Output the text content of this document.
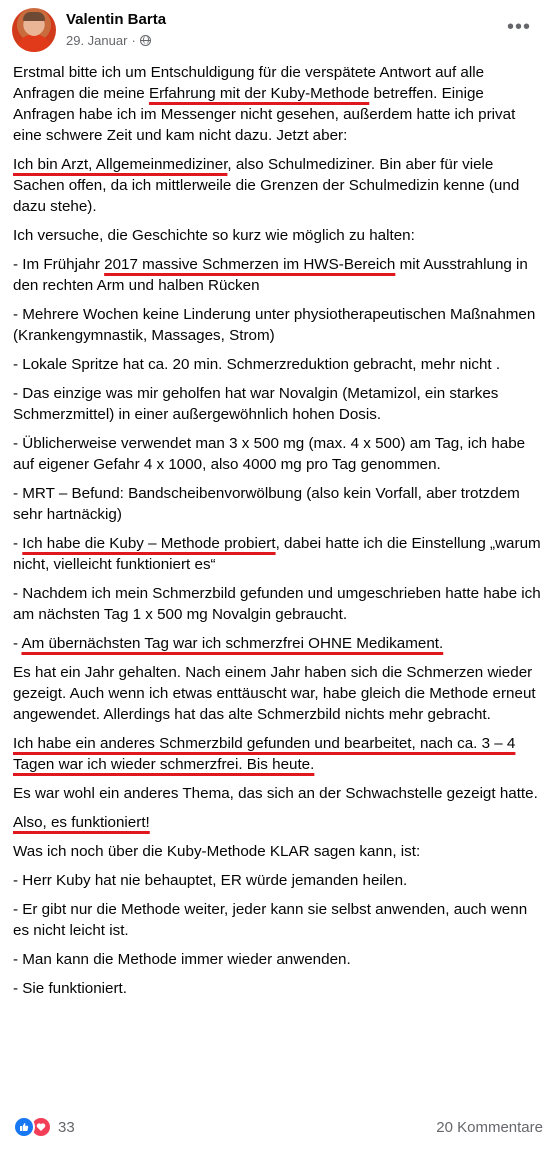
Valentin Barta
29. Januar ·
•••

Erstmal bitte ich um Entschuldigung für die verspätete Antwort auf alle Anfragen die meine Erfahrung mit der Kuby-Methode betreffen. Einige Anfragen habe ich im Messenger nicht gesehen, außerdem hatte ich privat eine schwere Zeit und kam nicht dazu. Jetzt aber:

Ich bin Arzt, Allgemeinmediziner, also Schulmediziner. Bin aber für viele Sachen offen, da ich mittlerweile die Grenzen der Schulmedizin kenne (und dazu stehe).

Ich versuche, die Geschichte so kurz wie möglich zu halten:

- Im Frühjahr 2017 massive Schmerzen im HWS-Bereich mit Ausstrahlung in den rechten Arm und halben Rücken

- Mehrere Wochen keine Linderung unter physiotherapeutischen Maßnahmen (Krankengymnastik, Massages, Strom)

- Lokale Spritze hat ca. 20 min. Schmerzreduktion gebracht, mehr nicht .

- Das einzige was mir geholfen hat war Novalgin (Metamizol, ein starkes Schmerzmittel) in einer außergewöhnlich hohen Dosis.

- Üblicherweise verwendet man 3 x 500 mg (max. 4 x 500) am Tag, ich habe auf eigener Gefahr 4 x 1000, also 4000 mg pro Tag genommen.

- MRT – Befund: Bandscheibenvorwölbung (also kein Vorfall, aber trotzdem sehr hartnäckig)

- Ich habe die Kuby – Methode probiert, dabei hatte ich die Einstellung „warum nicht, vielleicht funktioniert es“

- Nachdem ich mein Schmerzbild gefunden und umgeschrieben hatte habe ich am nächsten Tag 1 x 500 mg Novalgin gebraucht.

- Am übernächsten Tag war ich schmerzfrei OHNE Medikament.

Es hat ein Jahr gehalten. Nach einem Jahr haben sich die Schmerzen wieder gezeigt. Auch wenn ich etwas enttäuscht war, habe gleich die Methode erneut angewendet. Allerdings hat das alte Schmerzbild nichts mehr gebracht.

Ich habe ein anderes Schmerzbild gefunden und bearbeitet, nach ca. 3 – 4 Tagen war ich wieder schmerzfrei. Bis heute.

Es war wohl ein anderes Thema, das sich an der Schwachstelle gezeigt hatte.

Also, es funktioniert!

Was ich noch über die Kuby-Methode KLAR sagen kann, ist:

- Herr Kuby hat nie behauptet, ER würde jemanden heilen.

- Er gibt nur die Methode weiter, jeder kann sie selbst anwenden, auch wenn es nicht leicht ist.

- Man kann die Methode immer wieder anwenden.

- Sie funktioniert.

33	20 Kommentare
